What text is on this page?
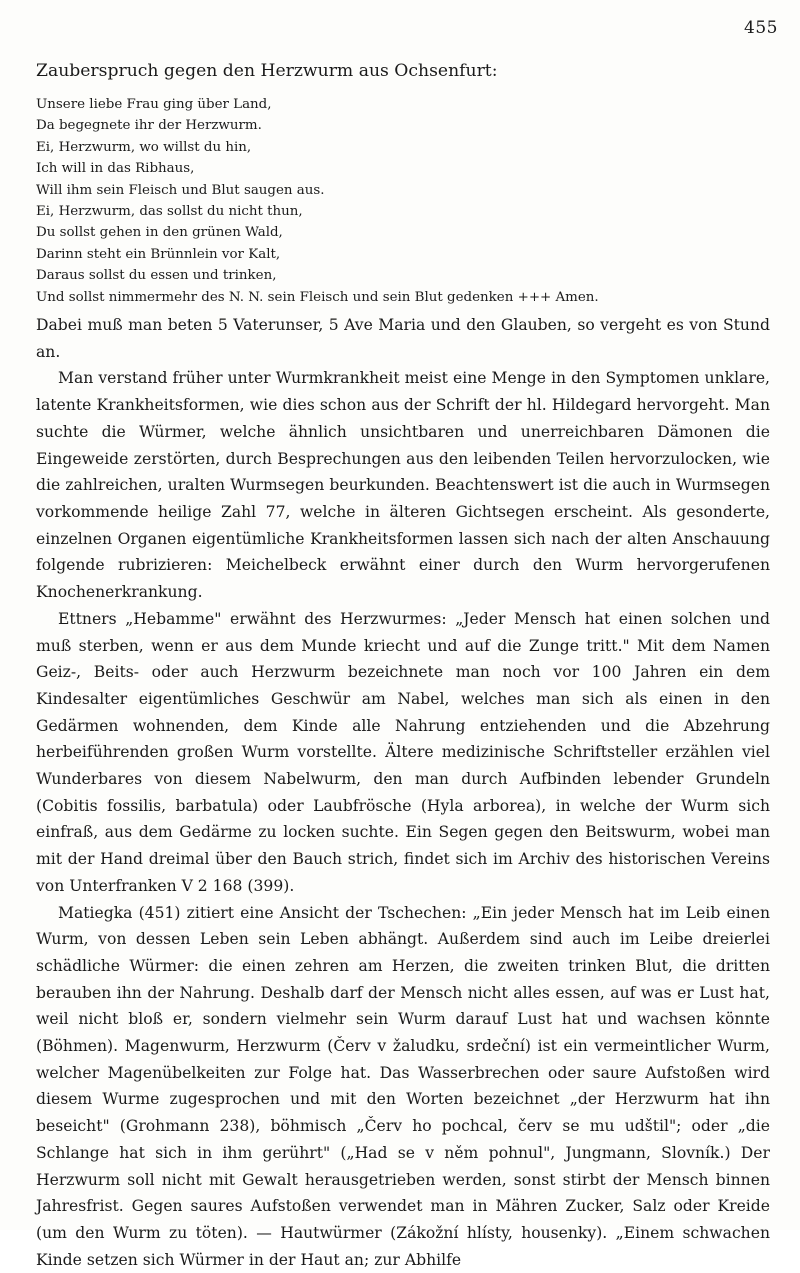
455
Zauberspruch gegen den Herzwurm aus Ochsenfurt:
Unsere liebe Frau ging über Land,
Da begegnete ihr der Herzwurm.
Ei, Herzwurm, wo willst du hin,
Ich will in das Ribhaus,
Will ihm sein Fleisch und Blut saugen aus.
Ei, Herzwurm, das sollst du nicht thun,
Du sollst gehen in den grünen Wald,
Darinn steht ein Brünnlein vor Kalt,
Daraus sollst du essen und trinken,
Und sollst nimmermehr des N. N. sein Fleisch und sein Blut gedenken +++ Amen.

Dabei muß man beten 5 Vaterunser, 5 Ave Maria und den Glauben, so vergeht es von Stund an.

Man verstand früher unter Wurmkrankheit meist eine Menge in den Symptomen unklare, latente Krankheitsformen, wie dies schon aus der Schrift der hl. Hildegard hervorgeht. Man suchte die Würmer, welche ähnlich unsichtbaren und unerreichbaren Dämonen die Eingeweide zerstörten, durch Besprechungen aus den leibenden Teilen hervorzulocken, wie die zahlreichen, uralten Wurmsegen beurkunden. Beachtenswert ist die auch in Wurmsegen vorkommende heilige Zahl 77, welche in älteren Gichtsegen erscheint. Als gesonderte, einzelnen Organen eigentümliche Krankheitsformen lassen sich nach der alten Anschauung folgende rubrizieren: Meichelbeck erwähnt einer durch den Wurm hervorgerufenen Knochenerkrankung.

Ettners „Hebamme" erwähnt des Herzwurmes: „Jeder Mensch hat einen solchen und muß sterben, wenn er aus dem Munde kriecht und auf die Zunge tritt." Mit dem Namen Geiz-, Beits- oder auch Herzwurm bezeichnete man noch vor 100 Jahren ein dem Kindesalter eigentümliches Geschwür am Nabel, welches man sich als einen in den Gedärmen wohnenden, dem Kinde alle Nahrung entziehenden und die Abzehrung herbeiführenden großen Wurm vorstellte. Ältere medizinische Schriftsteller erzählen viel Wunderbares von diesem Nabelwurm, den man durch Aufbinden lebender Grundeln (Cobitis fossilis, barbatula) oder Laubfrösche (Hyla arborea), in welche der Wurm sich einfraß, aus dem Gedärme zu locken suchte. Ein Segen gegen den Beitswurm, wobei man mit der Hand dreimal über den Bauch strich, findet sich im Archiv des historischen Vereins von Unterfranken V 2 168 (399).

Matiegka (451) zitiert eine Ansicht der Tschechen: „Ein jeder Mensch hat im Leib einen Wurm, von dessen Leben sein Leben abhängt. Außerdem sind auch im Leibe dreierlei schädliche Würmer: die einen zehren am Herzen, die zweiten trinken Blut, die dritten berauben ihn der Nahrung. Deshalb darf der Mensch nicht alles essen, auf was er Lust hat, weil nicht bloß er, sondern vielmehr sein Wurm darauf Lust hat und wachsen könnte (Böhmen). Magenwurm, Herzwurm (Červ v žaludku, srdeční) ist ein vermeintlicher Wurm, welcher Magenübelkeiten zur Folge hat. Das Wasserbrechen oder saure Aufstoßen wird diesem Wurme zugesprochen und mit den Worten bezeichnet „der Herzwurm hat ihn beseicht" (Grohmann 238), böhmisch „Červ ho pochcal, červ se mu udštil"; oder „die Schlange hat sich in ihm gerührt" („Had se v něm pohnul", Jungmann, Slovník.) Der Herzwurm soll nicht mit Gewalt herausgetrieben werden, sonst stirbt der Mensch binnen Jahresfrist. Gegen saures Aufstoßen verwendet man in Mähren Zucker, Salz oder Kreide (um den Wurm zu töten). — Hautwürmer (Zákožní hlísty, housenky). „Einem schwachen Kinde setzen sich Würmer in der Haut an; zur Abhilfe
